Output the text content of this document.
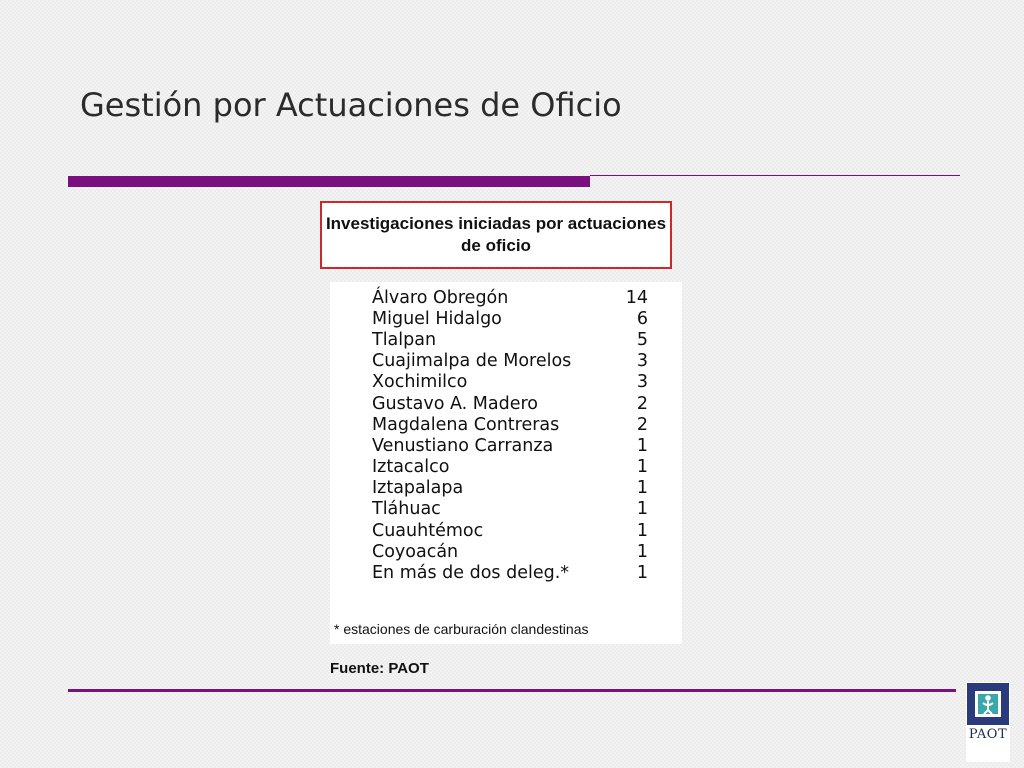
Gestión por Actuaciones de Oficio
Investigaciones iniciadas por actuaciones de oficio
Álvaro Obregón	14
Miguel Hidalgo	6
Tlalpan	5
Cuajimalpa de Morelos	3
Xochimilco	3
Gustavo A. Madero	2
Magdalena Contreras	2
Venustiano Carranza	1
Iztacalco	1
Iztapalapa	1
Tláhuac	1
Cuauhtémoc	1
Coyoacán	1
En más de dos deleg.*	1
* estaciones de carburación clandestinas
Fuente: PAOT
PAOT
